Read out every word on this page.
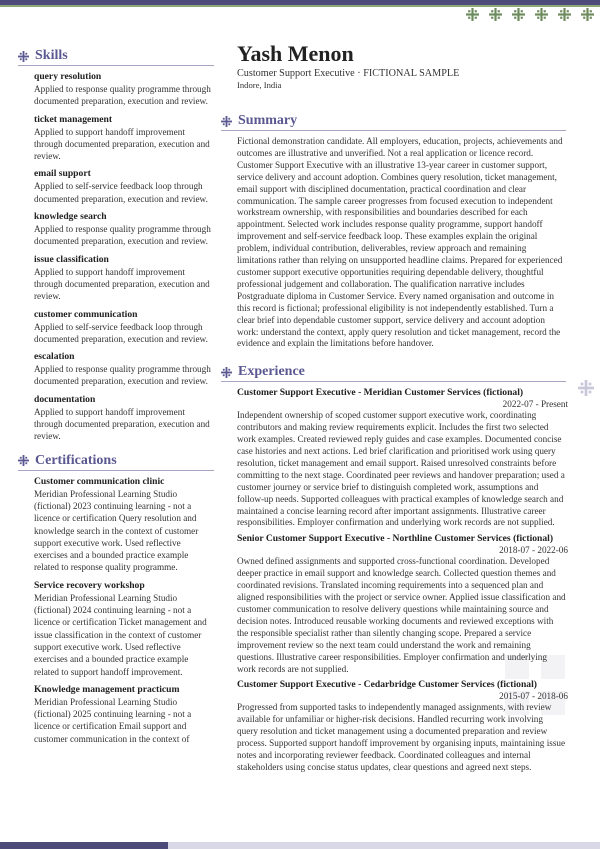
Skills
query resolution
Applied to response quality programme through documented preparation, execution and review.
ticket management
Applied to support handoff improvement through documented preparation, execution and review.
email support
Applied to self-service feedback loop through documented preparation, execution and review.
knowledge search
Applied to response quality programme through documented preparation, execution and review.
issue classification
Applied to support handoff improvement through documented preparation, execution and review.
customer communication
Applied to self-service feedback loop through documented preparation, execution and review.
escalation
Applied to response quality programme through documented preparation, execution and review.
documentation
Applied to support handoff improvement through documented preparation, execution and review.
Certifications
Customer communication clinic
Meridian Professional Learning Studio (fictional) 2023 continuing learning - not a licence or certification Query resolution and knowledge search in the context of customer support executive work. Used reflective exercises and a bounded practice example related to response quality programme.
Service recovery workshop
Meridian Professional Learning Studio (fictional) 2024 continuing learning - not a licence or certification Ticket management and issue classification in the context of customer support executive work. Used reflective exercises and a bounded practice example related to support handoff improvement.
Knowledge management practicum
Meridian Professional Learning Studio (fictional) 2025 continuing learning - not a licence or certification Email support and customer communication in the context of
Yash Menon
Customer Support Executive · FICTIONAL SAMPLE
Indore, India
Summary

Fictional demonstration candidate. All employers, education, projects, achievements and outcomes are illustrative and unverified. Not a real application or licence record. Customer Support Executive with an illustrative 13-year career in customer support, service delivery and account adoption. Combines query resolution, ticket management, email support with disciplined documentation, practical coordination and clear communication. The sample career progresses from focused execution to independent workstream ownership, with responsibilities and boundaries described for each appointment. Selected work includes response quality programme, support handoff improvement and self-service feedback loop. These examples explain the original problem, individual contribution, deliverables, review approach and remaining limitations rather than relying on unsupported headline claims. Prepared for experienced customer support executive opportunities requiring dependable delivery, thoughtful professional judgement and collaboration. The qualification narrative includes Postgraduate diploma in Customer Service. Every named organisation and outcome in this record is fictional; professional eligibility is not independently established. Turn a clear brief into dependable customer support, service delivery and account adoption work: understand the context, apply query resolution and ticket management, record the evidence and explain the limitations before handover.

Experience
Customer Support Executive - Meridian Customer Services (fictional)
2022-07 - Present

Independent ownership of scoped customer support executive work, coordinating contributors and making review requirements explicit. Includes the first two selected work examples. Created reviewed reply guides and case examples. Documented concise case histories and next actions. Led brief clarification and prioritised work using query resolution, ticket management and email support. Raised unresolved constraints before committing to the next stage. Coordinated peer reviews and handover preparation; used a customer journey or service brief to distinguish completed work, assumptions and follow-up needs. Supported colleagues with practical examples of knowledge search and maintained a concise learning record after important assignments. Illustrative career responsibilities. Employer confirmation and underlying work records are not supplied.

Senior Customer Support Executive - Northline Customer Services (fictional)
2018-07 - 2022-06

Owned defined assignments and supported cross-functional coordination. Developed deeper practice in email support and knowledge search. Collected question themes and coordinated revisions. Translated incoming requirements into a sequenced plan and aligned responsibilities with the project or service owner. Applied issue classification and customer communication to resolve delivery questions while maintaining source and decision notes. Introduced reusable working documents and reviewed exceptions with the responsible specialist rather than silently changing scope. Prepared a service improvement review so the next team could understand the work and remaining questions. Illustrative career responsibilities. Employer confirmation and underlying work records are not supplied.

Customer Support Executive - Cedarbridge Customer Services (fictional)
2015-07 - 2018-06

Progressed from supported tasks to independently managed assignments, with review available for unfamiliar or higher-risk decisions. Handled recurring work involving query resolution and ticket management using a documented preparation and review process. Supported support handoff improvement by organising inputs, maintaining issue notes and incorporating reviewer feedback. Coordinated colleagues and internal stakeholders using concise status updates, clear questions and agreed next steps.
